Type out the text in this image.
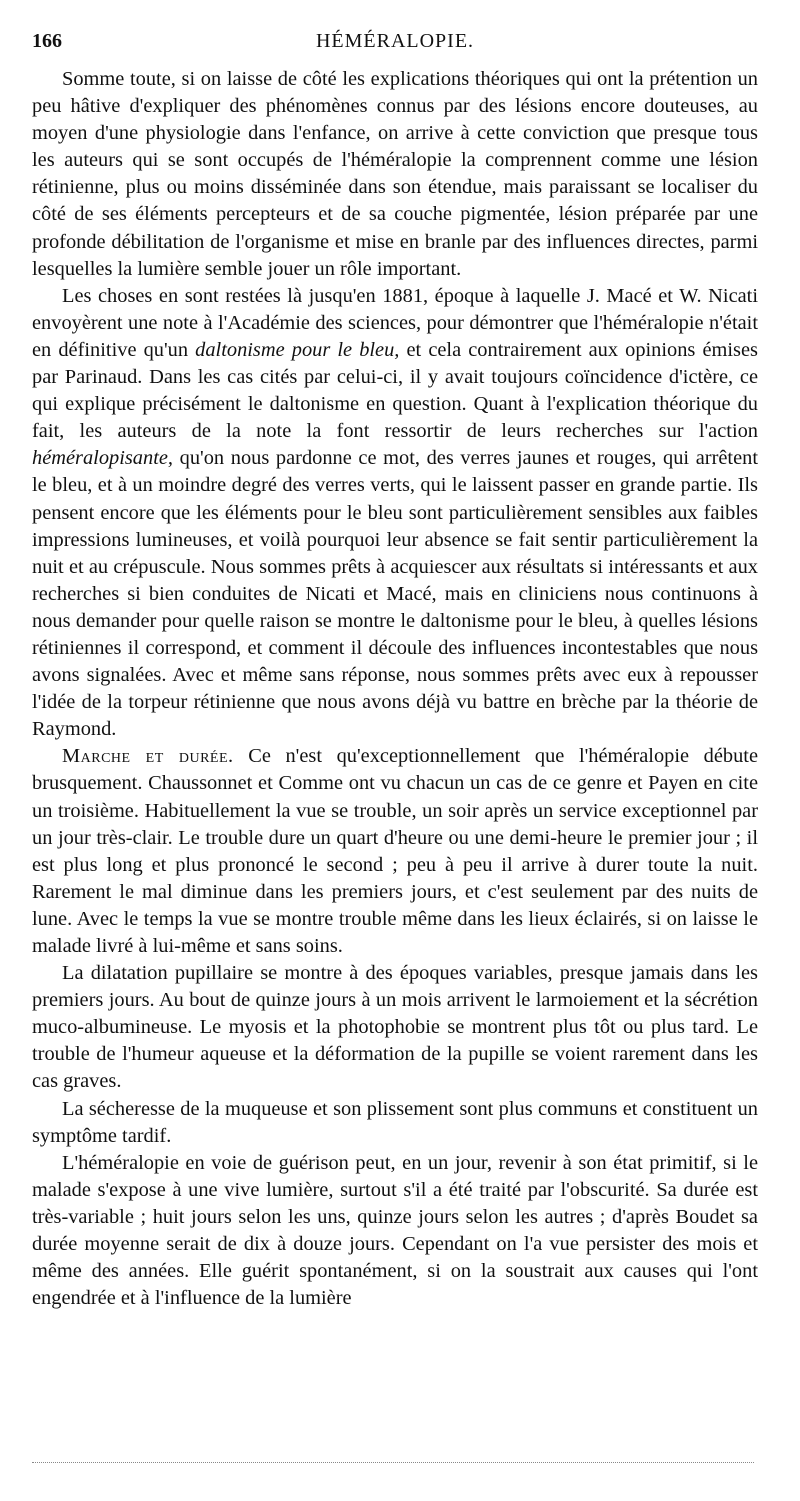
166	HÉMÉRALOPIE.

Somme toute, si on laisse de côté les explications théoriques qui ont la prétention un peu hâtive d'expliquer des phénomènes connus par des lésions encore douteuses, au moyen d'une physiologie dans l'enfance, on arrive à cette conviction que presque tous les auteurs qui se sont occupés de l'héméralopie la comprennent comme une lésion rétinienne, plus ou moins disséminée dans son étendue, mais paraissant se localiser du côté de ses éléments percepteurs et de sa couche pigmentée, lésion préparée par une profonde débilitation de l'organisme et mise en branle par des influences directes, parmi lesquelles la lumière semble jouer un rôle important.

Les choses en sont restées là jusqu'en 1881, époque à laquelle J. Macé et W. Nicati envoyèrent une note à l'Académie des sciences, pour démontrer que l'héméralopie n'était en définitive qu'un daltonisme pour le bleu, et cela contrairement aux opinions émises par Parinaud. Dans les cas cités par celui-ci, il y avait toujours coïncidence d'ictère, ce qui explique précisément le daltonisme en question. Quant à l'explication théorique du fait, les auteurs de la note la font ressortir de leurs recherches sur l'action héméralopisante, qu'on nous pardonne ce mot, des verres jaunes et rouges, qui arrêtent le bleu, et à un moindre degré des verres verts, qui le laissent passer en grande partie. Ils pensent encore que les éléments pour le bleu sont particulièrement sensibles aux faibles impressions lumineuses, et voilà pourquoi leur absence se fait sentir particulièrement la nuit et au crépuscule. Nous sommes prêts à acquiescer aux résultats si intéressants et aux recherches si bien conduites de Nicati et Macé, mais en cliniciens nous continuons à nous demander pour quelle raison se montre le daltonisme pour le bleu, à quelles lésions rétiniennes il correspond, et comment il découle des influences incontestables que nous avons signalées. Avec et même sans réponse, nous sommes prêts avec eux à repousser l'idée de la torpeur rétinienne que nous avons déjà vu battre en brèche par la théorie de Raymond.

Marche et durée. Ce n'est qu'exceptionnellement que l'héméralopie débute brusquement. Chaussonnet et Comme ont vu chacun un cas de ce genre et Payen en cite un troisième. Habituellement la vue se trouble, un soir après un service exceptionnel par un jour très-clair. Le trouble dure un quart d'heure ou une demi-heure le premier jour ; il est plus long et plus prononcé le second ; peu à peu il arrive à durer toute la nuit. Rarement le mal diminue dans les premiers jours, et c'est seulement par des nuits de lune. Avec le temps la vue se montre trouble même dans les lieux éclairés, si on laisse le malade livré à lui-même et sans soins.

La dilatation pupillaire se montre à des époques variables, presque jamais dans les premiers jours. Au bout de quinze jours à un mois arrivent le larmoiement et la sécrétion muco-albumineuse. Le myosis et la photophobie se montrent plus tôt ou plus tard. Le trouble de l'humeur aqueuse et la déformation de la pupille se voient rarement dans les cas graves.

La sécheresse de la muqueuse et son plissement sont plus communs et constituent un symptôme tardif.

L'héméralopie en voie de guérison peut, en un jour, revenir à son état primitif, si le malade s'expose à une vive lumière, surtout s'il a été traité par l'obscurité. Sa durée est très-variable ; huit jours selon les uns, quinze jours selon les autres ; d'après Boudet sa durée moyenne serait de dix à douze jours. Cependant on l'a vue persister des mois et même des années. Elle guérit spontanément, si on la soustrait aux causes qui l'ont engendrée et à l'influence de la lumière
